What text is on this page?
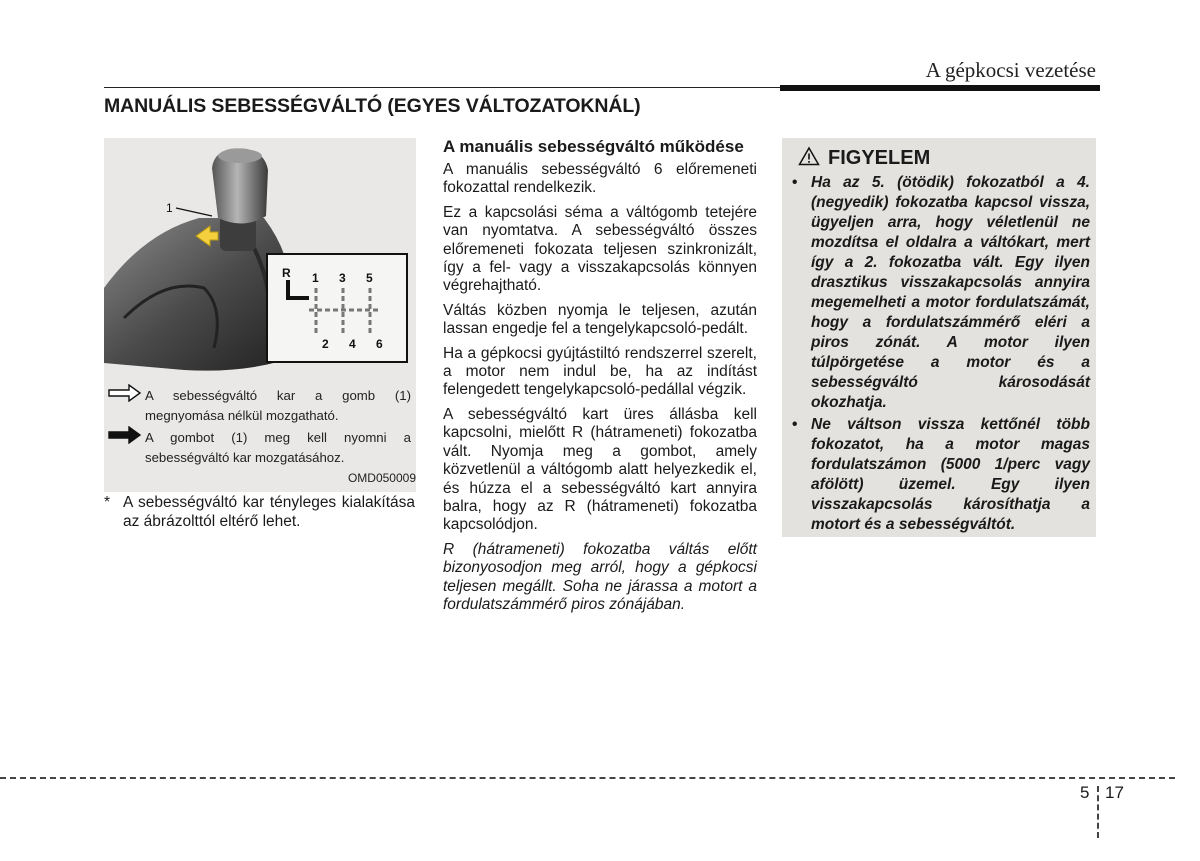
A gépkocsi vezetése
MANUÁLIS SEBESSÉGVÁLTÓ (EGYES VÁLTOZATOKNÁL)
1
R 1 3 5
2 4 6
A sebességváltó kar a gomb (1) megnyomása nélkül mozgatható.
A gombot (1) meg kell nyomni a sebességváltó kar mozgatásához.
OMD050009
* A sebességváltó kar tényleges kialakítása az ábrázolttól eltérő lehet.
A manuális sebességváltó működése

A manuális sebességváltó 6 előremeneti fokozattal rendelkezik.

Ez a kapcsolási séma a váltógomb tetejére van nyomtatva. A sebességváltó összes előremeneti fokozata teljesen szinkronizált, így a fel- vagy a visszakapcsolás könnyen végrehajtható.

Váltás közben nyomja le teljesen, azután lassan engedje fel a tengelykapcsoló-pedált.

Ha a gépkocsi gyújtástiltó rendszerrel szerelt, a motor nem indul be, ha az indítást felengedett tengelykapcsoló-pedállal végzik.

A sebességváltó kart üres állásba kell kapcsolni, mielőtt R (hátrameneti) fokozatba vált. Nyomja meg a gombot, amely közvetlenül a váltógomb alatt helyezkedik el, és húzza el a sebességváltó kart annyira balra, hogy az R (hátrameneti) fokozatba kapcsolódjon.

R (hátrameneti) fokozatba váltás előtt bizonyosodjon meg arról, hogy a gépkocsi teljesen megállt. Soha ne járassa a motort a fordulatszámmérő piros zónájában.

FIGYELEM
• Ha az 5. (ötödik) fokozatból a 4. (negyedik) fokozatba kapcsol vissza, ügyeljen arra, hogy véletlenül ne mozdítsa el oldalra a váltókart, mert így a 2. fokozatba vált. Egy ilyen drasztikus visszakapcsolás annyira megemelheti a motor fordulatszámát, hogy a fordulatszámmérő eléri a piros zónát. A motor ilyen túlpörgetése a motor és a sebességváltó károsodását okozhatja.
• Ne váltson vissza kettőnél több fokozatot, ha a motor magas fordulatszámon (5000 1/perc vagy afölött) üzemel. Egy ilyen visszakapcsolás károsíthatja a motort és a sebességváltót.
5 17
